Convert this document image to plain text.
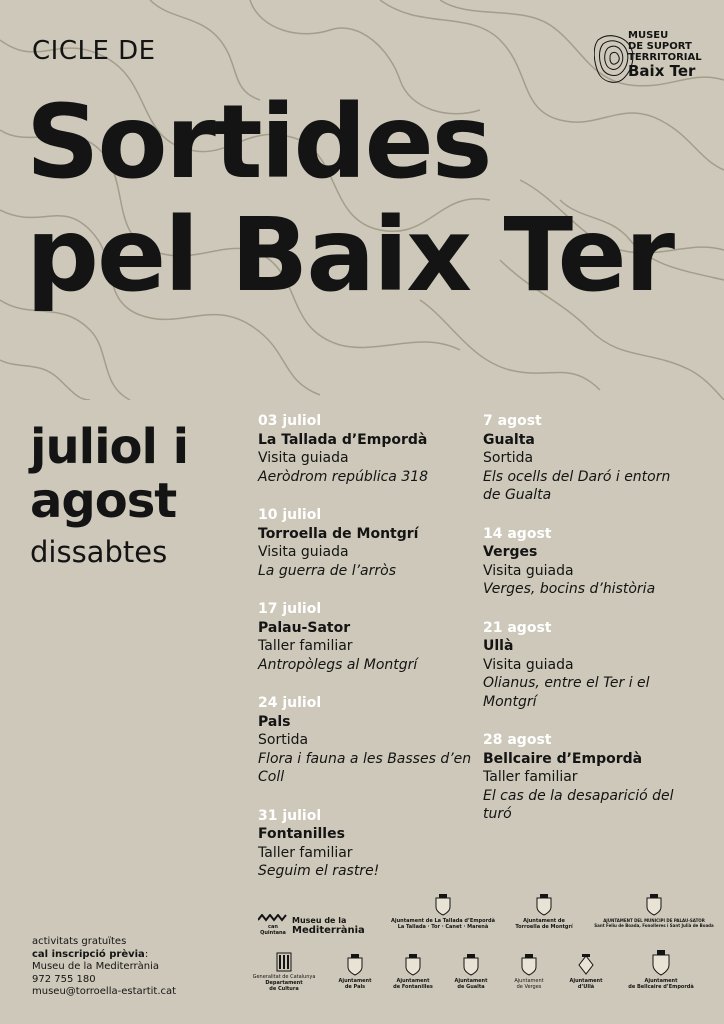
CICLE DE
Sortides
pel Baix Ter
MUSEU
DE SUPORT
TERRITORIAL
Baix Ter
juliol i
agost
dissabtes
03 juliol
La Tallada d’Empordà
Visita guiada
Aeròdrom república 318
10 juliol
Torroella de Montgrí
Visita guiada
La guerra de l’arròs
17 juliol
Palau-Sator
Taller familiar
Antropòlegs al Montgrí
24 juliol
Pals
Sortida
Flora i fauna a les Basses d’en Coll
31 juliol
Fontanilles
Taller familiar
Seguim el rastre!
7 agost
Gualta
Sortida
Els ocells del Daró i entorn de Gualta
14 agost
Verges
Visita guiada
Verges, bocins d’història
21 agost
Ullà
Visita guiada
Olianus, entre el Ter i el Montgrí
28 agost
Bellcaire d’Empordà
Taller familiar
El cas de la desaparició del turó
activitats gratuïtes
cal inscripció prèvia:
Museu de la Mediterrània
972 755 180
museu@torroella-estartit.cat
can Quintana
Museu de la
Mediterrània
Ajuntament de La Tallada d’Empordà
La Tallada · Tor · Canet · Marenà
Ajuntament de
Torroella de Montgrí
AJUNTAMENT DEL MUNICIPI DE PALAU-SATOR
Sant Feliu de Boada, Fonolleres i Sant Julià de Boada
Generalitat de Catalunya
Departament
de Cultura
Ajuntament
de Pals
Ajuntament
de Fontanilles
Ajuntament
de Gualta
Ajuntament
de Verges
Ajuntament
d’Ullà
Ajuntament
de Bellcaire d’Empordà
